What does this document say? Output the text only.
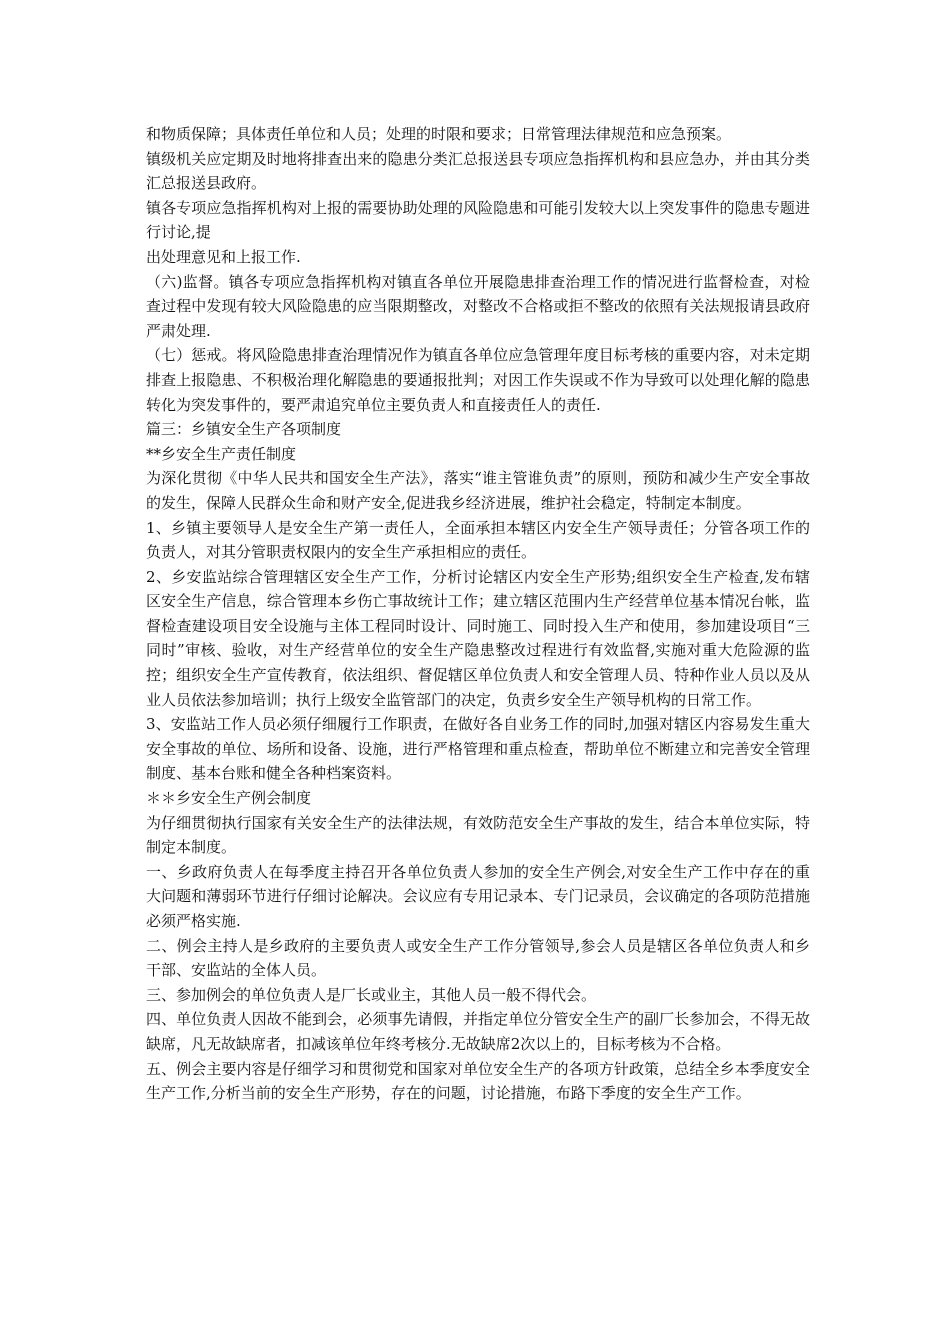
和物质保障；具体责任单位和人员；处理的时限和要求；日常管理法律规范和应急预案。

镇级机关应定期及时地将排查出来的隐患分类汇总报送县专项应急指挥机构和县应急办，并由其分类汇总报送县政府。

镇各专项应急指挥机构对上报的需要协助处理的风险隐患和可能引发较大以上突发事件的隐患专题进行讨论,提

出处理意见和上报工作.

（六)监督。镇各专项应急指挥机构对镇直各单位开展隐患排查治理工作的情况进行监督检查，对检查过程中发现有较大风险隐患的应当限期整改，对整改不合格或拒不整改的依照有关法规报请县政府严肃处理.

（七）惩戒。将风险隐患排查治理情况作为镇直各单位应急管理年度目标考核的重要内容，对未定期排查上报隐患、不积极治理化解隐患的要通报批判；对因工作失误或不作为导致可以处理化解的隐患转化为突发事件的，要严肃追究单位主要负责人和直接责任人的责任.

篇三：乡镇安全生产各项制度

**乡安全生产责任制度

为深化贯彻《中华人民共和国安全生产法》，落实“谁主管谁负责”的原则，预防和减少生产安全事故的发生，保障人民群众生命和财产安全,促进我乡经济进展，维护社会稳定，特制定本制度。

1、乡镇主要领导人是安全生产第一责任人，全面承担本辖区内安全生产领导责任；分管各项工作的负责人，对其分管职责权限内的安全生产承担相应的责任。

2、乡安监站综合管理辖区安全生产工作，分析讨论辖区内安全生产形势;组织安全生产检查,发布辖区安全生产信息，综合管理本乡伤亡事故统计工作；建立辖区范围内生产经营单位基本情况台帐，监督检查建设项目安全设施与主体工程同时设计、同时施工、同时投入生产和使用，参加建设项目“三同时”审核、验收，对生产经营单位的安全生产隐患整改过程进行有效监督,实施对重大危险源的监控；组织安全生产宣传教育，依法组织、督促辖区单位负责人和安全管理人员、特种作业人员以及从业人员依法参加培训；执行上级安全监管部门的决定，负责乡安全生产领导机构的日常工作。

3、安监站工作人员必须仔细履行工作职责，在做好各自业务工作的同时,加强对辖区内容易发生重大安全事故的单位、场所和设备、设施，进行严格管理和重点检查，帮助单位不断建立和完善安全管理制度、基本台账和健全各种档案资料。

＊＊乡安全生产例会制度

为仔细贯彻执行国家有关安全生产的法律法规，有效防范安全生产事故的发生，结合本单位实际，特制定本制度。

一、乡政府负责人在每季度主持召开各单位负责人参加的安全生产例会,对安全生产工作中存在的重大问题和薄弱环节进行仔细讨论解决。会议应有专用记录本、专门记录员，会议确定的各项防范措施必须严格实施.

二、例会主持人是乡政府的主要负责人或安全生产工作分管领导,参会人员是辖区各单位负责人和乡干部、安监站的全体人员。

三、参加例会的单位负责人是厂长或业主，其他人员一般不得代会。

四、单位负责人因故不能到会，必须事先请假，并指定单位分管安全生产的副厂长参加会，不得无故缺席，凡无故缺席者，扣减该单位年终考核分.无故缺席2次以上的，目标考核为不合格。

五、例会主要内容是仔细学习和贯彻党和国家对单位安全生产的各项方针政策，总结全乡本季度安全生产工作,分析当前的安全生产形势，存在的问题，讨论措施，布路下季度的安全生产工作。
